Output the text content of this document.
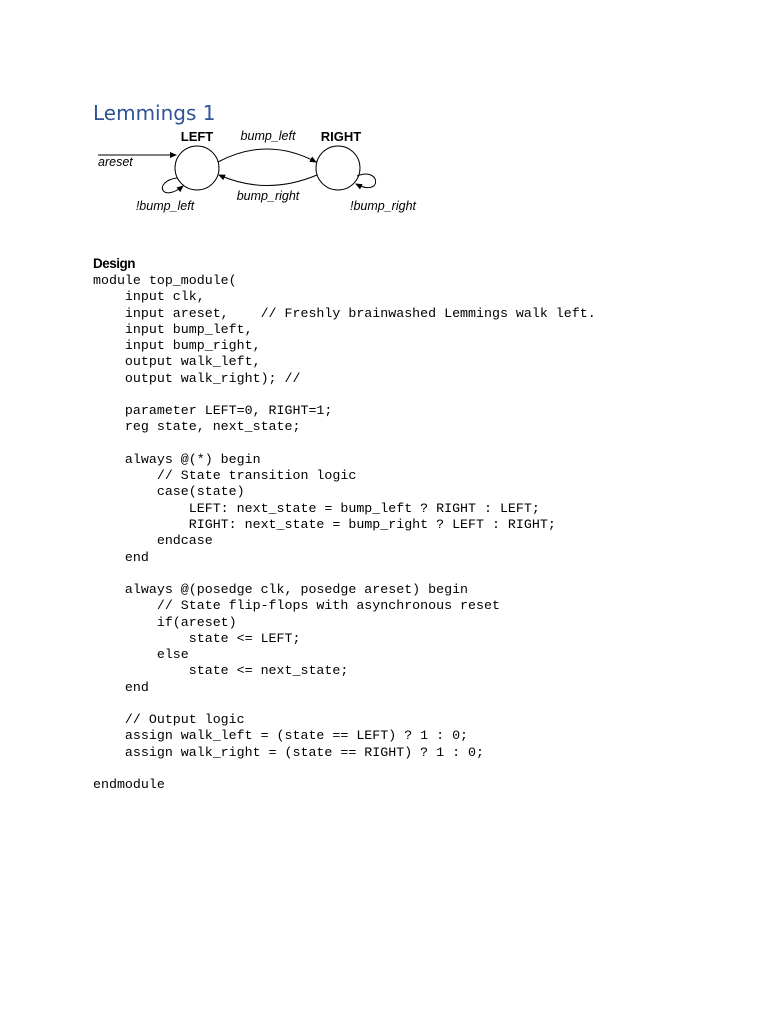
Lemmings 1
LEFT	RIGHT
areset
bump_left
bump_right
!bump_left	!bump_right
Design
module top_module(
input clk,
input areset,    // Freshly brainwashed Lemmings walk left.
input bump_left,
input bump_right,
output walk_left,
output walk_right); //
parameter LEFT=0, RIGHT=1;
reg state, next_state;
always @(*) begin
// State transition logic
case(state)
LEFT: next_state = bump_left ? RIGHT : LEFT;
RIGHT: next_state = bump_right ? LEFT : RIGHT;
endcase
end
always @(posedge clk, posedge areset) begin
// State flip-flops with asynchronous reset
if(areset)
state <= LEFT;
else
state <= next_state;
end
// Output logic
assign walk_left = (state == LEFT) ? 1 : 0;
assign walk_right = (state == RIGHT) ? 1 : 0;
endmodule
